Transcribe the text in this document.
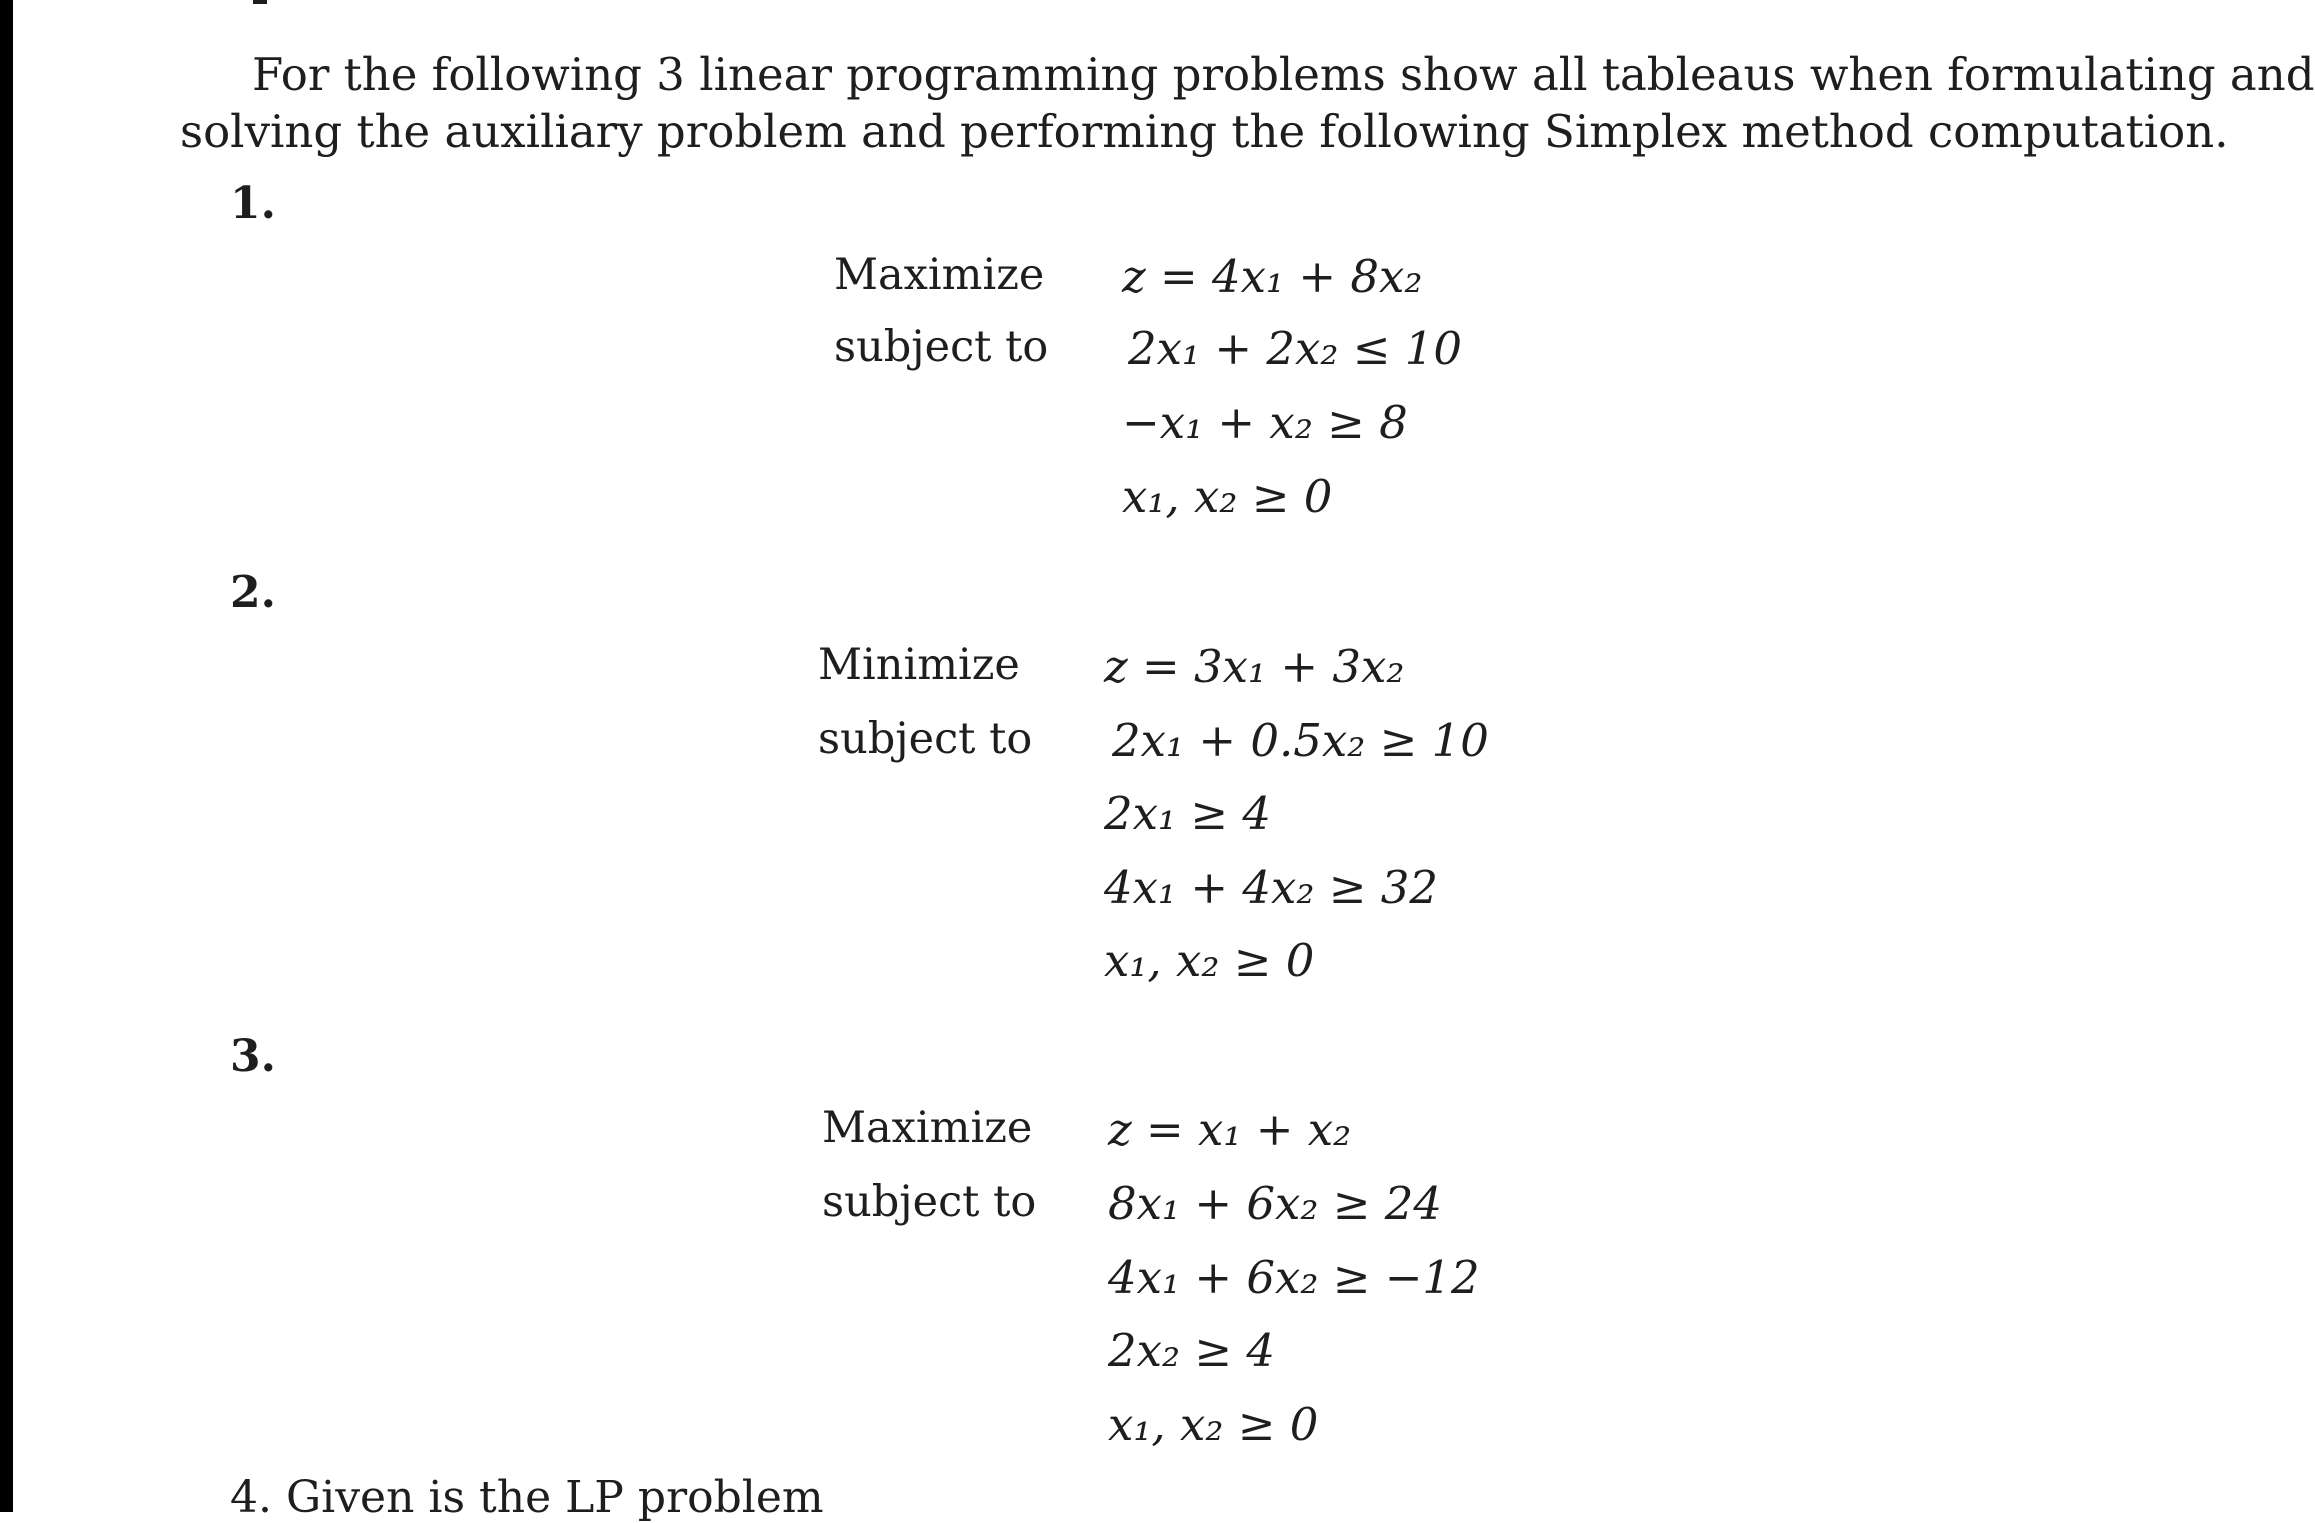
For the following 3 linear programming problems show all tableaus when formulating and
solving the auxiliary problem and performing the following Simplex method computation.

1.

Maximize
subject to
z = 4x₁ + 8x₂
2x₁ + 2x₂ ≤ 10
−x₁ + x₂ ≥ 8
x₁, x₂ ≥ 0

2.

Minimize
subject to
z = 3x₁ + 3x₂
2x₁ + 0.5x₂ ≥ 10
2x₁ ≥ 4
4x₁ + 4x₂ ≥ 32
x₁, x₂ ≥ 0

3.

Maximize
subject to
z = x₁ + x₂
8x₁ + 6x₂ ≥ 24
4x₁ + 6x₂ ≥ −12
2x₂ ≥ 4
x₁, x₂ ≥ 0
4. Given is the LP problem
